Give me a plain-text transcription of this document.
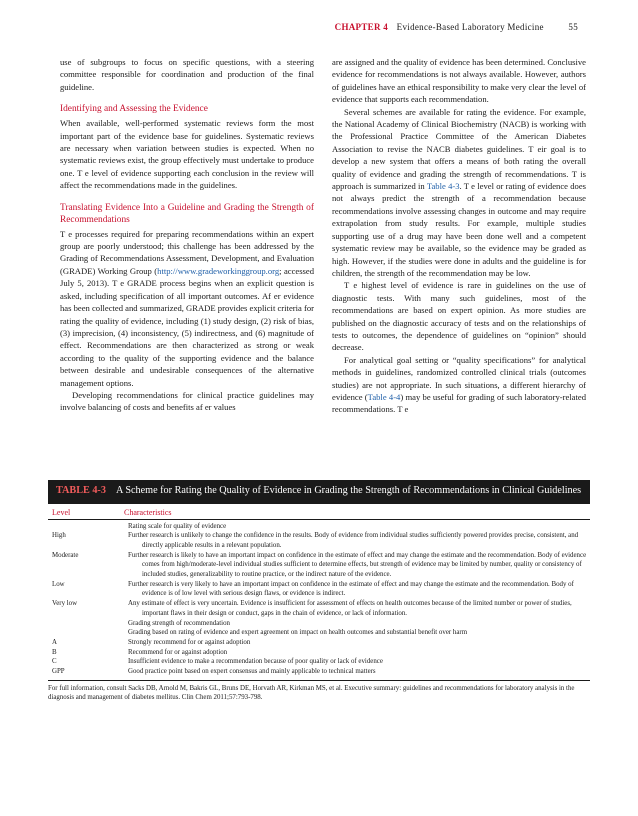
CHAPTER 4 Evidence-Based Laboratory Medicine	55

use of subgroups to focus on specific questions, with a steering committee responsible for coordination and production of the final guideline.

Identifying and Assessing the Evidence

When available, well-performed systematic reviews form the most important part of the evidence base for guidelines. Systematic reviews are necessary when variation between studies is expected. When no systematic reviews exist, the group effectively must undertake to produce one. T e level of evidence supporting each conclusion in the review will affect the recommendations made in the guidelines.

Translating Evidence Into a Guideline and Grading the Strength of Recommendations

T e processes required for preparing recommendations within an expert group are poorly understood; this challenge has been addressed by the Grading of Recommendations Assessment, Development, and Evaluation (GRADE) Working Group (http://www.gradeworkinggroup.org; accessed July 5, 2013). T e GRADE process begins when an explicit question is asked, including specification of all important outcomes. Af er evidence has been collected and summarized, GRADE provides explicit criteria for rating the quality of evidence, including (1) study design, (2) risk of bias, (3) imprecision, (4) inconsistency, (5) indirectness, and (6) magnitude of effect. Recommendations are then characterized as strong or weak according to the quality of the supporting evidence and the balance between desirable and undesirable consequences of the alternative management options.

Developing recommendations for clinical practice guidelines may involve balancing of costs and benefits af er values

are assigned and the quality of evidence has been determined. Conclusive evidence for recommendations is not always available. However, authors of guidelines have an ethical responsibility to make very clear the level of evidence that supports each recommendation.

Several schemes are available for rating the evidence. For example, the National Academy of Clinical Biochemistry (NACB) is working with the Professional Practice Committee of the American Diabetes Association to revise the NACB diabetes guidelines. T eir goal is to develop a new system that offers a means of both rating the overall quality of evidence and grading the strength of recommendations. T is approach is summarized in Table 4-3. T e level or rating of evidence does not always predict the strength of a recommendation because recommendations involve assessing changes in outcome and may require extrapolation from study results. For example, multiple studies supporting use of a drug may have been done well and a competent systematic review may be available, so the evidence may be graded as high. However, if the studies were done in adults and the guideline is for children, the strength of the recommendation may be low.

T e highest level of evidence is rare in guidelines on the use of diagnostic tests. With many such guidelines, most of the recommendations are based on expert opinion. As more studies are published on the diagnostic accuracy of tests and on the relationships of tests to outcomes, the dependence of guidelines on “opinion” should decrease.

For analytical goal setting or “quality specifications” for analytical methods in guidelines, randomized controlled clinical trials (outcomes studies) are not appropriate. In such situations, a different hierarchy of evidence (Table 4-4) may be useful for grading of such laboratory-related recommendations. T e

TABLE 4-3 A Scheme for Rating the Quality of Evidence in Grading the Strength of Recommendations in Clinical Guidelines
Level	Characteristics
Rating scale for quality of evidence
High	Further research is unlikely to change the confidence in the results. Body of evidence from individual studies sufficiently powered provides precise, consistent, and directly applicable results in a relevant population.
Moderate	Further research is likely to have an important impact on confidence in the estimate of effect and may change the estimate and the recommendation. Body of evidence comes from high/moderate-level individual studies sufficient to determine effects, but strength of evidence may be limited by number, quality or consistency of included studies, generalizability to routine practice, or the indirect nature of the evidence.
Low	Further research is very likely to have an important impact on confidence in the estimate of effect and may change the estimate and the recommendation. Body of evidence is of low level with serious design flaws, or evidence is indirect.
Very low	Any estimate of effect is very uncertain. Evidence is insufficient for assessment of effects on health outcomes because of the limited number or power of studies, important flaws in their design or conduct, gaps in the chain of evidence, or lack of information.
Grading strength of recommendation
Grading based on rating of evidence and expert agreement on impact on health outcomes and substantial benefit over harm
A	Strongly recommend for or against adoption
B	Recommend for or against adoption
C	Insufficient evidence to make a recommendation because of poor quality or lack of evidence
GPP	Good practice point based on expert consensus and mainly applicable to technical matters
For full information, consult Sacks DB, Arnold M, Bakris GL, Bruns DE, Horvath AR, Kirkman MS, et al. Executive summary: guidelines and recommendations for laboratory analysis in the diagnosis and management of diabetes mellitus. Clin Chem 2011;57:793-798.
